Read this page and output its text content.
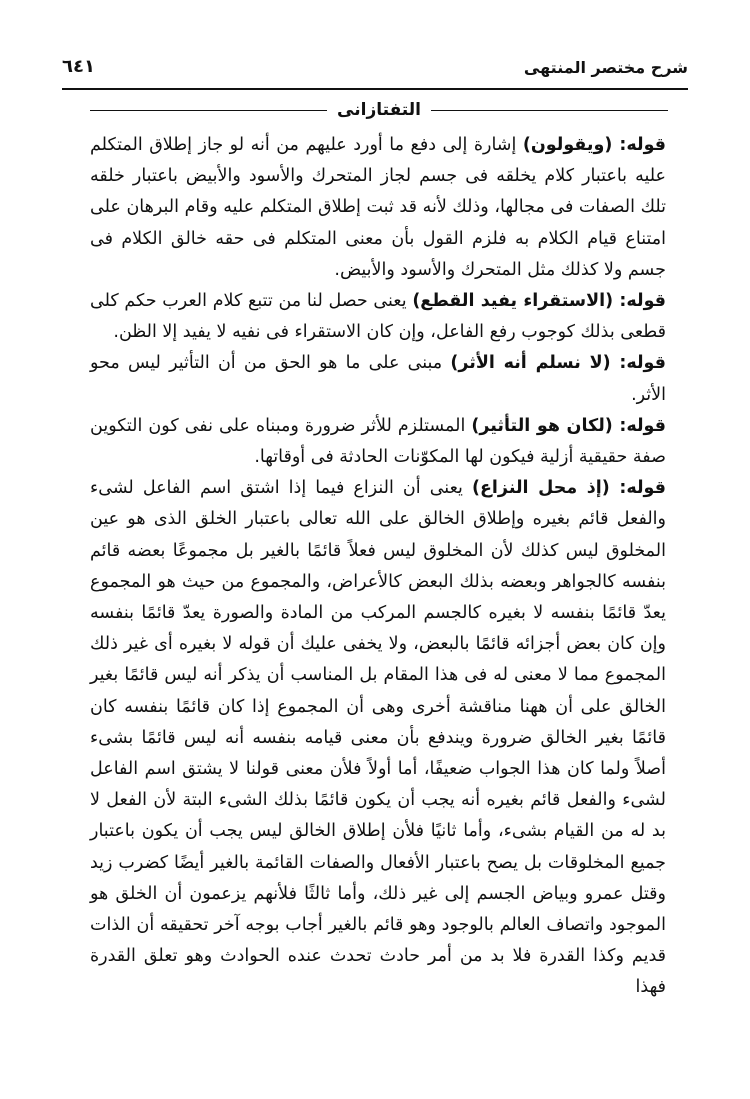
شرح مختصر المنتهى
٦٤١
التفتازانى

قوله: (ويقولون) إشارة إلى دفع ما أورد عليهم من أنه لو جاز إطلاق المتكلم عليه باعتبار كلام يخلقه فى جسم لجاز المتحرك والأسود والأبيض باعتبار خلقه تلك الصفات فى مجالها، وذلك لأنه قد ثبت إطلاق المتكلم عليه وقام البرهان على امتناع قيام الكلام به فلزم القول بأن معنى المتكلم فى حقه خالق الكلام فى جسم ولا كذلك مثل المتحرك والأسود والأبيض.

قوله: (الاستقراء يفيد القطع) يعنى حصل لنا من تتبع كلام العرب حكم كلى قطعى بذلك كوجوب رفع الفاعل، وإن كان الاستقراء فى نفيه لا يفيد إلا الظن.

قوله: (لا نسلم أنه الأثر) مبنى على ما هو الحق من أن التأثير ليس محو الأثر.

قوله: (لكان هو التأثير) المستلزم للأثر ضرورة ومبناه على نفى كون التكوين صفة حقيقية أزلية فيكون لها المكوّنات الحادثة فى أوقاتها.

قوله: (إذ محل النزاع) يعنى أن النزاع فيما إذا اشتق اسم الفاعل لشىء والفعل قائم بغيره وإطلاق الخالق على الله تعالى باعتبار الخلق الذى هو عين المخلوق ليس كذلك لأن المخلوق ليس فعلاً قائمًا بالغير بل مجموعًا بعضه قائم بنفسه كالجواهر وبعضه بذلك البعض كالأعراض، والمجموع من حيث هو المجموع يعدّ قائمًا بنفسه لا بغيره كالجسم المركب من المادة والصورة يعدّ قائمًا بنفسه وإن كان بعض أجزائه قائمًا بالبعض، ولا يخفى عليك أن قوله لا بغيره أى غير ذلك المجموع مما لا معنى له فى هذا المقام بل المناسب أن يذكر أنه ليس قائمًا بغير الخالق على أن ههنا مناقشة أخرى وهى أن المجموع إذا كان قائمًا بنفسه كان قائمًا بغير الخالق ضرورة ويندفع بأن معنى قيامه بنفسه أنه ليس قائمًا بشىء أصلاً ولما كان هذا الجواب ضعيفًا، أما أولاً فلأن معنى قولنا لا يشتق اسم الفاعل لشىء والفعل قائم بغيره أنه يجب أن يكون قائمًا بذلك الشىء البتة لأن الفعل لا بد له من القيام بشىء، وأما ثانيًا فلأن إطلاق الخالق ليس يجب أن يكون باعتبار جميع المخلوقات بل يصح باعتبار الأفعال والصفات القائمة بالغير أيضًا كضرب زيد وقتل عمرو وبياض الجسم إلى غير ذلك، وأما ثالثًا فلأنهم يزعمون أن الخلق هو الموجود واتصاف العالم بالوجود وهو قائم بالغير أجاب بوجه آخر تحقيقه أن الذات قديم وكذا القدرة فلا بد من أمر حادث تحدث عنده الحوادث وهو تعلق القدرة فهذا
